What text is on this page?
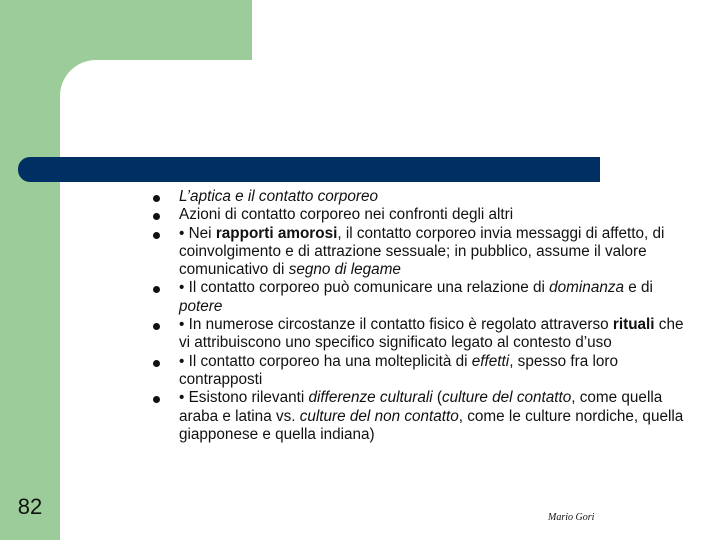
L’aptica e il contatto corporeo
Azioni di contatto corporeo nei confronti degli altri
• Nei rapporti amorosi, il contatto corporeo invia messaggi di affetto, di coinvolgimento e di attrazione sessuale; in pubblico, assume il valore comunicativo di segno di legame
• Il contatto corporeo può comunicare una relazione di dominanza e di potere
• In numerose circostanze il contatto fisico è regolato attraverso rituali che vi attribuiscono uno specifico significato legato al contesto d’uso
• Il contatto corporeo ha una molteplicità di effetti, spesso fra loro contrapposti
• Esistono rilevanti differenze culturali (culture del contatto, come quella araba e latina vs. culture del non contatto, come le culture nordiche, quella giapponese e quella indiana)
82	Mario Gori
